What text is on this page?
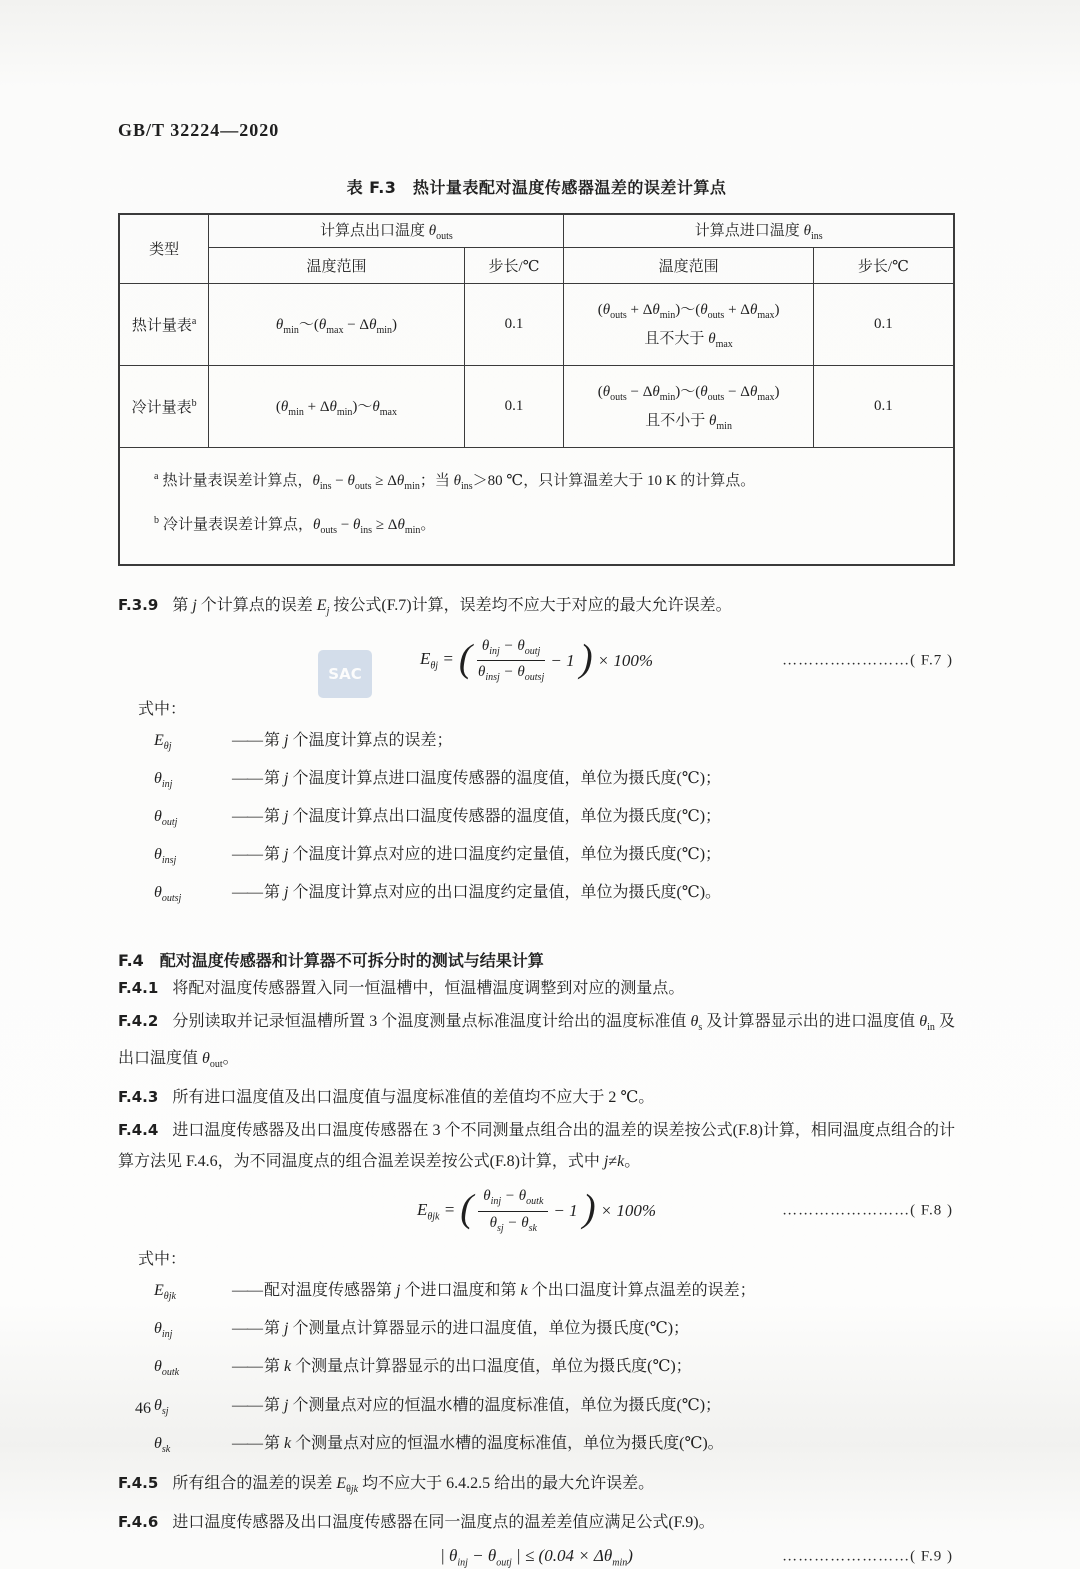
GB/T 32224—2020
表 F.3　热计量表配对温度传感器温差的误差计算点
类型	计算点出口温度 $\theta_{outs}$		计算点进口温度 $\theta_{ins}$
	温度范围	步长/℃	温度范围	步长/℃
热计量表$^a$	$\theta_{min}\sim(\theta_{max} - \Delta\theta_{min})$	0.1	($\theta_{outs}$ + $\Delta\theta_{min})\sim(\theta_{outs} + \Delta\theta_{max})$
且不大于 $\theta_{max}$	0.1
冷计量表$^b$	($\theta_{min}$ + $\Delta\theta_{min})\sim\theta_{max}$	0.1	($\theta_{outs}$ − $\Delta\theta_{min})\sim(\theta_{outs} - \Delta\theta_{max})$
且不小于 $\theta_{min}$	0.1

$^a$ 热计量表误差计算点，$\theta_{ins} - \theta_{outs} \ge \Delta\theta_{min}$；当 $\theta_{ins}>80$ ℃，只计算温差大于 10 K 的计算点。
$^b$ 冷计量表误差计算点，$\theta_{outs} - \theta_{ins} \ge \Delta\theta_{min}$。				

F.3.9 第 j 个计算点的误差 $E_j$ 按公式(F.7)计算，误差均不应大于对应的最大允许误差。

$E_{\theta j}$ = ( $\frac{\theta_{inj} - \theta_{outj}}{\theta_{insj} - \theta_{outsj}} - 1$ ) × 100%	……………………( F.7 )
式中：
$E_{\theta j}$	—— 第 j 个温度计算点的误差；
$\theta_{inj}$	—— 第 j 个温度计算点进口温度传感器的温度值，单位为摄氏度(℃)；
$\theta_{outj}$	—— 第 j 个温度计算点出口温度传感器的温度值，单位为摄氏度(℃)；
$\theta_{insj}$	—— 第 j 个温度计算点对应的进口温度约定量值，单位为摄氏度(℃)；
$\theta_{outsj}$	—— 第 j 个温度计算点对应的出口温度约定量值，单位为摄氏度(℃)。
F.4 配对温度传感器和计算器不可拆分时的测试与结果计算

F.4.1 将配对温度传感器置入同一恒温槽中，恒温槽温度调整到对应的测量点。

F.4.2 分别读取并记录恒温槽所置 3 个温度测量点标准温度计给出的温度标准值 $\theta_s$ 及计算器显示出的进口温度值 $\theta_{in}$ 及出口温度值 $\theta_{out}$。

F.4.3 所有进口温度值及出口温度值与温度标准值的差值均不应大于 2 ℃。

F.4.4 进口温度传感器及出口温度传感器在 3 个不同测量点组合出的温差的误差按公式(F.8)计算，相同温度点组合的计算方法见 F.4.6，为不同温度点的组合温差误差按公式(F.8)计算，式中 j≠k。

$E_{\theta jk}$ = ( $\frac{\theta_{inj} - \theta_{outk}}{\theta_{sj} - \theta_{sk}} - 1$ ) × 100%	……………………( F.8 )
式中：
$E_{\theta jk}$	—— 配对温度传感器第 j 个进口温度和第 k 个出口温度计算点温差的误差；
$\theta_{inj}$	—— 第 j 个测量点计算器显示的进口温度值，单位为摄氏度(℃)；
$\theta_{outk}$	—— 第 k 个测量点计算器显示的出口温度值，单位为摄氏度(℃)；
$\theta_{sj}$	—— 第 j 个测量点对应的恒温水槽的温度标准值，单位为摄氏度(℃)；
$\theta_{sk}$	—— 第 k 个测量点对应的恒温水槽的温度标准值，单位为摄氏度(℃)。

F.4.5 所有组合的温差的误差 $E_{\theta jk}$ 均不应大于 6.4.2.5 给出的最大允许误差。

F.4.6 进口温度传感器及出口温度传感器在同一温度点的温差差值应满足公式(F.9)。

| $\theta_{inj} - \theta_{outj}$ | ≤ $(0.04 \times \Delta\theta_{min})$	……………………( F.9 )
SAC
46
